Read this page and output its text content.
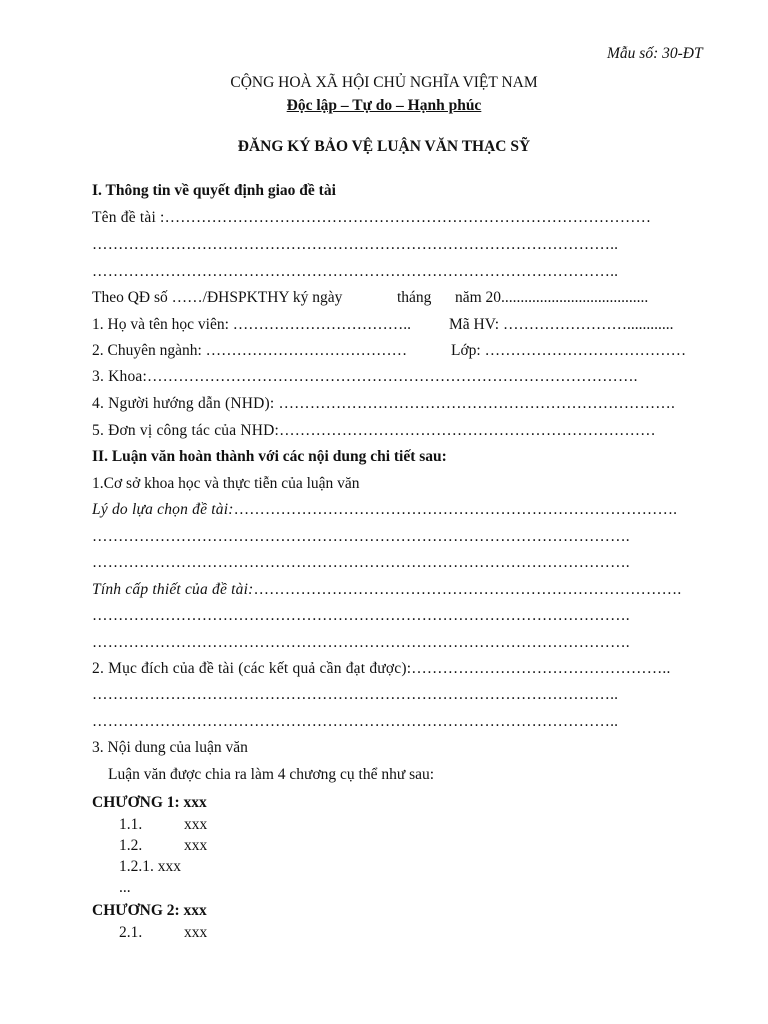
Mẫu số: 30-ĐT
CỘNG HOÀ XÃ HỘI CHỦ NGHĨA VIỆT NAM
Độc lập – Tự do – Hạnh phúc
ĐĂNG KÝ BẢO VỆ LUẬN VĂN THẠC SỸ
I. Thông tin về quyết định giao đề tài
Tên đề tài :…………………………………………………………………………………
………………………………………………………………………………………..
………………………………………………………………………………………..
Theo QĐ số ……/ĐHSPKTHY ký ngày	tháng năm 20......................................
1. Họ và tên học viên: …………………………….. Mã HV: ……………………............
2. Chuyên ngành: …………………………………	Lớp: …………………………………
3. Khoa:………………………………………………………………………………….
4. Người hướng dẫn (NHD): ………………………………………………………………….
5. Đơn vị công tác của NHD:………………………………………………………………
II. Luận văn hoàn thành với các nội dung chi tiết sau:
1.Cơ sở khoa học và thực tiễn của luận văn
Lý do lựa chọn đề tài:………………………………………………………………………….
………………………………………………………………………………………….
………………………………………………………………………………………….
Tính cấp thiết của đề tài:……………………………………………………………………….
………………………………………………………………………………………….
………………………………………………………………………………………….
2. Mục đích của đề tài (các kết quả cần đạt được):…………………………………………..
………………………………………………………………………………………..
………………………………………………………………………………………..
3. Nội dung của luận văn
Luận văn được chia ra làm 4 chương cụ thể như sau:
CHƯƠNG 1: xxx
1.1.	xxx
1.2.	xxx
1.2.1. xxx
...
CHƯƠNG 2: xxx
2.1.	xxx
